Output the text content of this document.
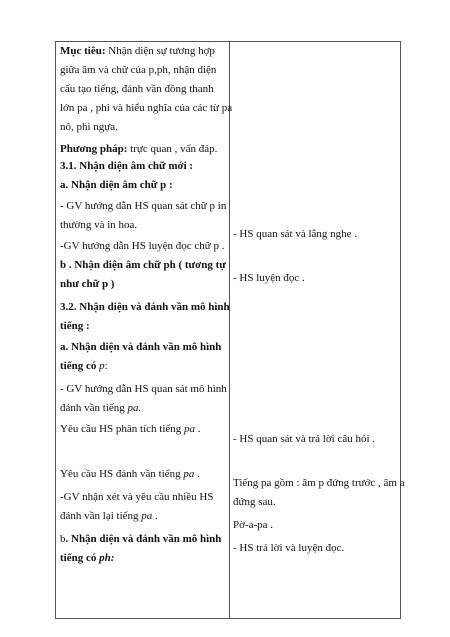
Mục tiêu: Nhận diện sự tương hợp
giữa âm và chữ của p,ph, nhận diện
cấu tạo tiếng, đánh vần đồng thanh
lớn pa , phi và hiểu nghĩa của các từ pa
nô, phi ngựa.
Phương pháp: trực quan , vấn đáp.
3.1. Nhận diện âm chữ mới :
a. Nhận diện âm chữ p :
- GV hướng dẫn HS quan sát chữ p in
thường và in hoa.
-GV hướng dẫn HS luyện đọc chữ p .
b . Nhận diện âm chữ ph ( tương tự
như chữ p )
3.2. Nhận diện và đánh vần mô hình
tiếng :
a. Nhận diện và đánh vần mô hình
tiếng có p:
- GV hướng dẫn HS quan sát mô hình
đánh vần tiếng pa.
Yêu cầu HS phân tích tiếng pa .
Yêu cầu HS đánh vần tiếng pa .
-GV nhận xét và yêu cầu nhiều HS
đánh vần lại tiếng pa .
b. Nhận diện và đánh vần mô hình
tiếng có ph:
- HS quan sát và lắng nghe .
- HS luyện đọc .
- HS quan sát và trả lời câu hỏi .
Tiếng pa gồm : âm p đứng trước , âm a
đứng sau.
Pờ-a-pa .
- HS trả lời và luyện đọc.
